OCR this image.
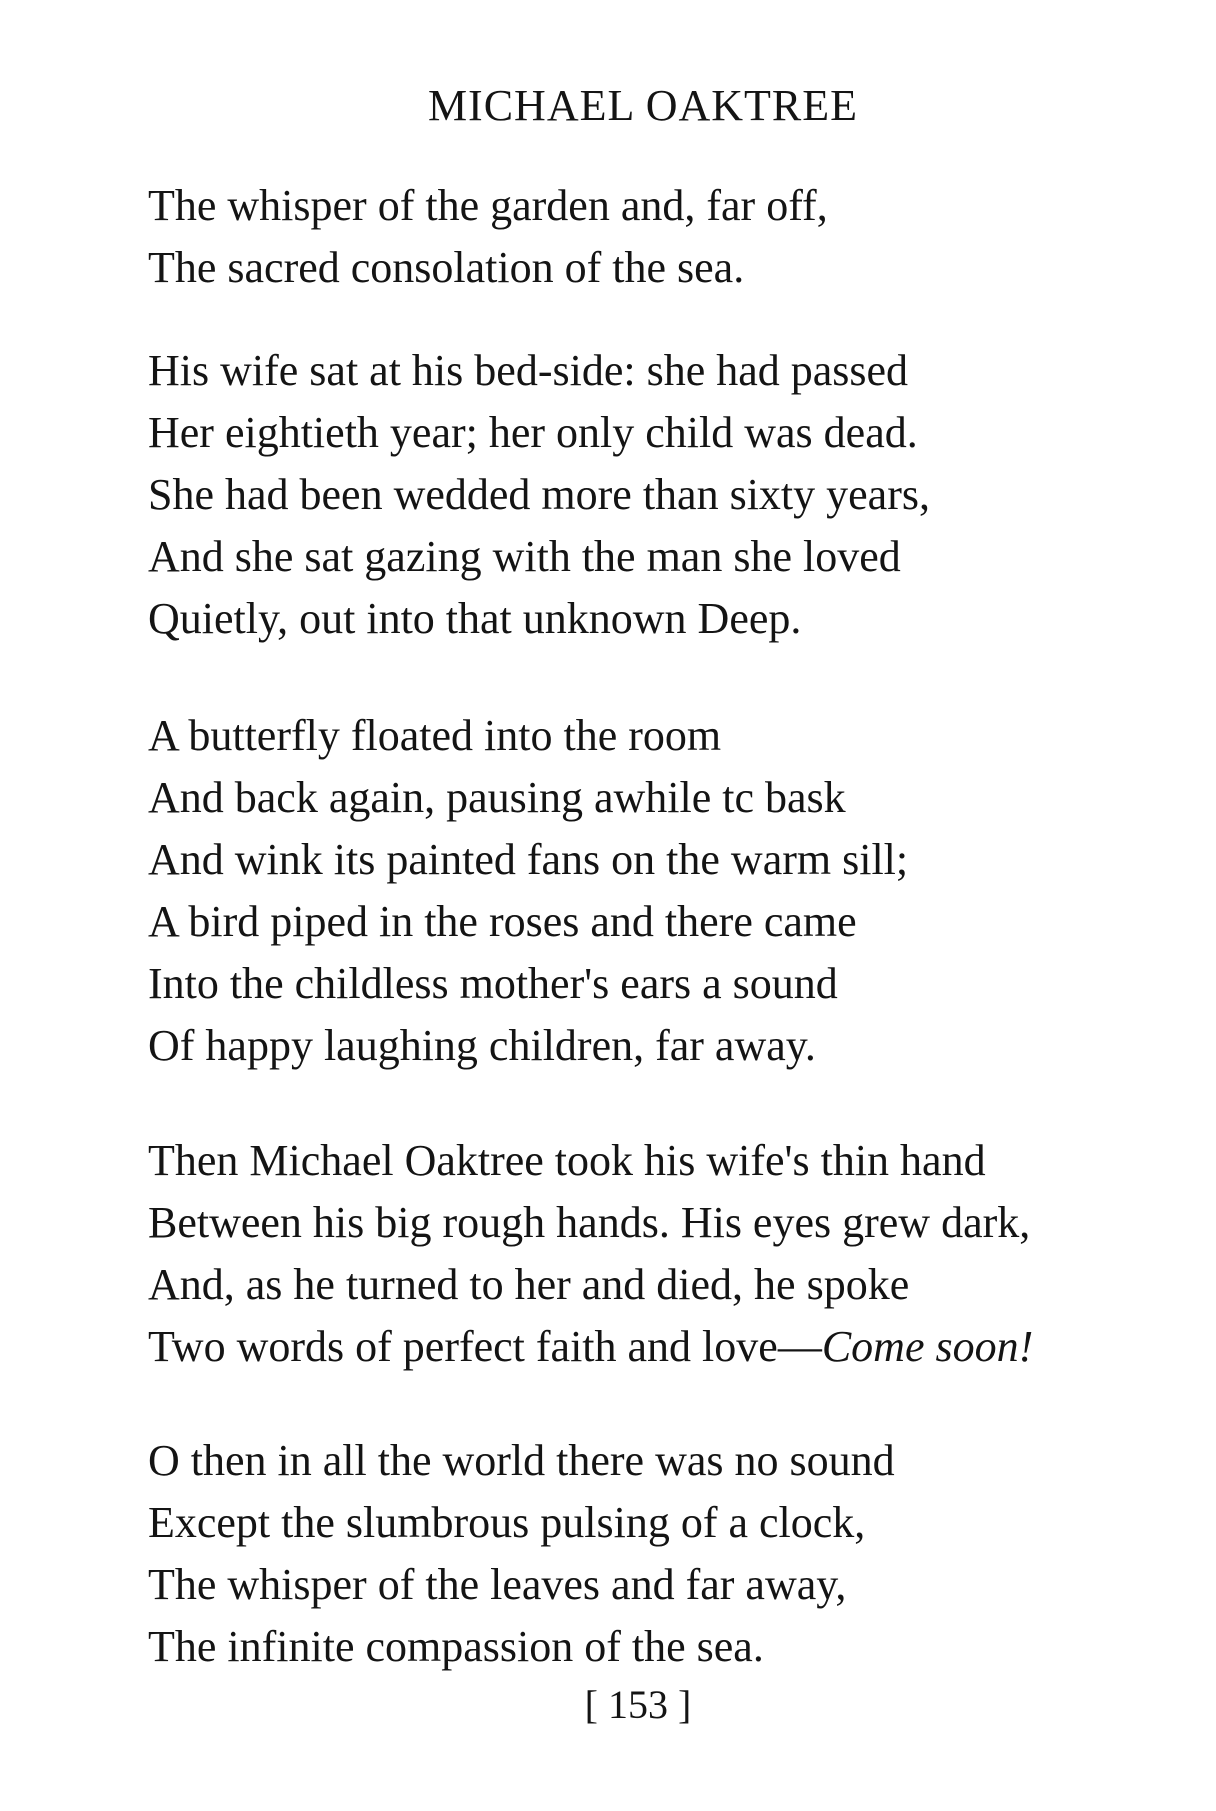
MICHAEL OAKTREE
The whisper of the garden and, far off,
The sacred consolation of the sea.
His wife sat at his bed-side: she had passed
Her eightieth year; her only child was dead.
She had been wedded more than sixty years,
And she sat gazing with the man she loved
Quietly, out into that unknown Deep.
A butterfly floated into the room
And back again, pausing awhile tc bask
And wink its painted fans on the warm sill;
A bird piped in the roses and there came
Into the childless mother's ears a sound
Of happy laughing children, far away.
Then Michael Oaktree took his wife's thin hand
Between his big rough hands. His eyes grew dark,
And, as he turned to her and died, he spoke
Two words of perfect faith and love—Come soon!
O then in all the world there was no sound
Except the slumbrous pulsing of a clock,
The whisper of the leaves and far away,
The infinite compassion of the sea.
[ 153 ]
